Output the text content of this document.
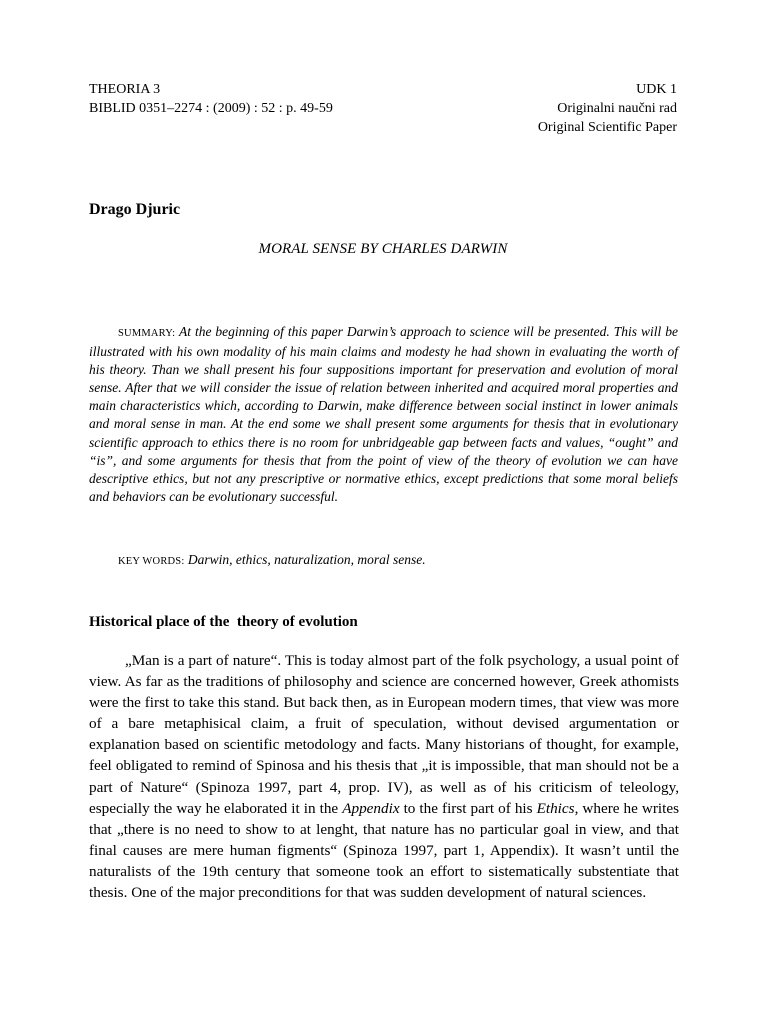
THEORIA 3
BIBLID 0351–2274 : (2009) : 52 : p. 49-59
UDK 1
Originalni naučni rad
Original Scientific Paper
Drago Djuric
MORAL SENSE BY CHARLES DARWIN

SUMMARY: At the beginning of this paper Darwin’s approach to science will be presented. This will be illustrated with his own modality of his main claims and modesty he had shown in evaluating the worth of his theory. Than we shall present his four suppositions important for preservation and evolution of moral sense. After that we will consider the issue of relation between inherited and acquired moral properties and main characteristics which, according to Darwin, make difference between social instinct in lower animals and moral sense in man. At the end some we shall present some arguments for thesis that in evolutionary scientific approach to ethics there is no room for unbridgeable gap between facts and values, “ought” and “is”, and some arguments for thesis that from the point of view of the theory of evolution we can have descriptive ethics, but not any prescriptive or normative ethics, except predictions that some moral beliefs and behaviors can be evolutionary successful.

KEY WORDS: Darwin, ethics, naturalization, moral sense.

Historical place of the  theory of evolution

„Man is a part of nature“. This is today almost part of the folk psychology, a usual point of view. As far as the traditions of philosophy and science are concerned however, Greek athomists were the first to take this stand. But back then, as in European modern times, that view was more of a bare metaphisical claim, a fruit of speculation, without devised argumentation or explanation based on scientific metodology and facts. Many historians of thought, for example, feel obligated to remind of Spinosa and his thesis that „it is impossible, that man should not be a part of Nature“ (Spinoza 1997, part 4, prop. IV), as well as of his criticism of teleology, especially the way he elaborated it in the Appendix to the first part of his Ethics, where he writes that „there is no need to show to at lenght, that nature has no particular goal in view, and that final causes are mere human figments“ (Spinoza 1997, part 1, Appendix). It wasn’t until the naturalists of the 19th century that someone took an effort to sistematically substentiate that thesis. One of the major preconditions for that was sudden development of natural sciences.
